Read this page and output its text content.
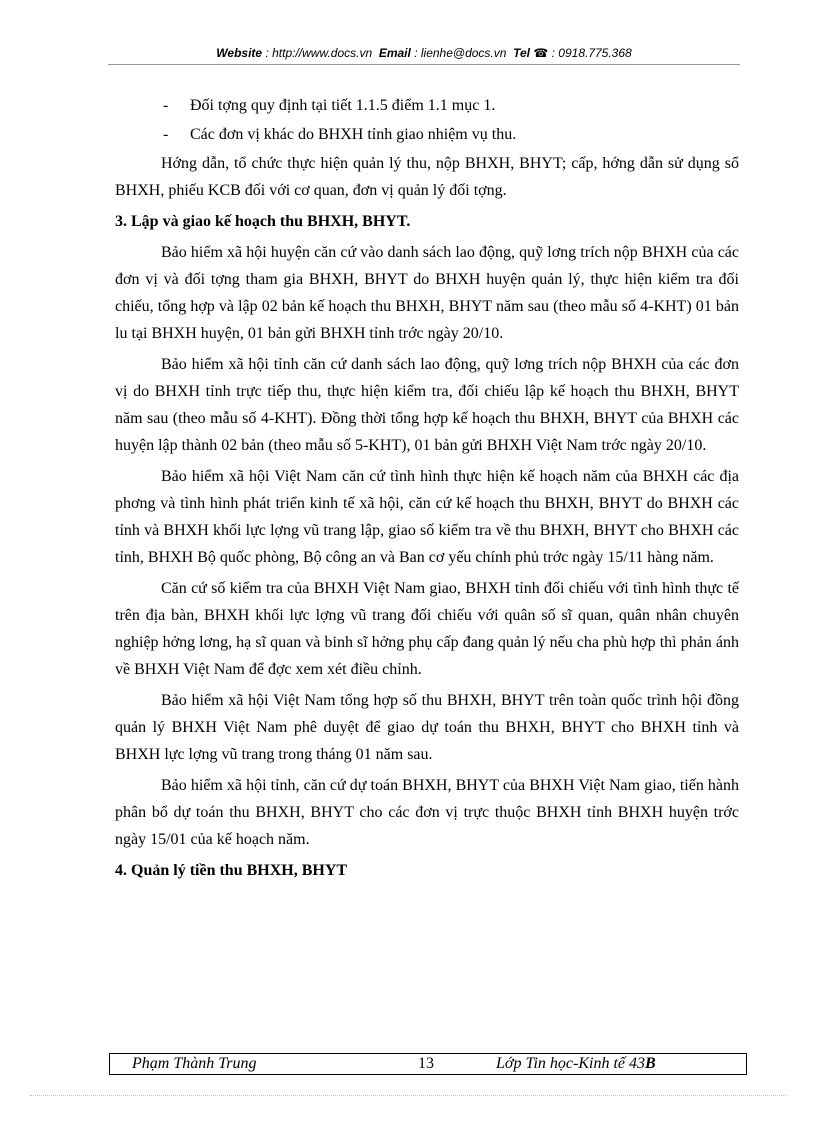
Website : http://www.docs.vn Email : lienhe@docs.vn Tel ☎ : 0918.775.368
-	Đối tợng quy định tại tiết 1.1.5 điểm 1.1 mục 1.
-	Các đơn vị khác do BHXH tỉnh giao nhiệm vụ thu.

Hớng dẫn, tổ chức thực hiện quản lý thu, nộp BHXH, BHYT; cấp, hớng dẫn sử dụng sổ BHXH, phiếu KCB đối với cơ quan, đơn vị quản lý đối tợng.

3. Lập và giao kế hoạch thu BHXH, BHYT.

Bảo hiểm xã hội huyện căn cứ vào danh sách lao động, quỹ lơng trích nộp BHXH của các đơn vị và đối tợng tham gia BHXH, BHYT do BHXH huyện quản lý, thực hiện kiểm tra đối chiếu, tổng hợp và lập 02 bản kế hoạch thu BHXH, BHYT năm sau (theo mẫu số 4-KHT) 01 bản lu tại BHXH huyện, 01 bản gửi BHXH tỉnh trớc ngày 20/10.

Bảo hiểm xã hội tỉnh căn cứ danh sách lao động, quỹ lơng trích nộp BHXH của các đơn vị do BHXH tỉnh trực tiếp thu, thực hiện kiểm tra, đối chiếu lập kế hoạch thu BHXH, BHYT năm sau (theo mẫu số 4-KHT). Đồng thời tổng hợp kế hoạch thu BHXH, BHYT của BHXH các huyện lập thành 02 bản (theo mẫu số 5-KHT), 01 bản gửi BHXH Việt Nam trớc ngày 20/10.

Bảo hiểm xã hội Việt Nam căn cứ tình hình thực hiện kế hoạch năm của BHXH các địa phơng và tình hình phát triển kinh tế xã hội, căn cứ kế hoạch thu BHXH, BHYT do BHXH các tỉnh và BHXH khối lực lợng vũ trang lập, giao số kiểm tra về thu BHXH, BHYT cho BHXH các tỉnh, BHXH Bộ quốc phòng, Bộ công an và Ban cơ yếu chính phủ trớc ngày 15/11 hàng năm.

Căn cứ số kiểm tra của BHXH Việt Nam giao, BHXH tỉnh đối chiếu với tình hình thực tế trên địa bàn, BHXH khối lực lợng vũ trang đối chiếu với quân số sĩ quan, quân nhân chuyên nghiệp hởng lơng, hạ sĩ quan và binh sĩ hởng phụ cấp đang quản lý nếu cha phù hợp thì phản ánh về BHXH Việt Nam để đợc xem xét điều chỉnh.

Bảo hiểm xã hội Việt Nam tổng hợp số thu BHXH, BHYT trên toàn quốc trình hội đồng quản lý BHXH Việt Nam phê duyệt để giao dự toán thu BHXH, BHYT cho BHXH tỉnh và BHXH lực lợng vũ trang trong tháng 01 năm sau.

Bảo hiểm xã hội tỉnh, căn cứ dự toán BHXH, BHYT của BHXH Việt Nam giao, tiến hành phân bổ dự toán thu BHXH, BHYT cho các đơn vị trực thuộc BHXH tỉnh BHXH huyện trớc ngày 15/01 của kế hoạch năm.

4. Quản lý tiền thu BHXH, BHYT
Phạm Thành Trung	13	Lớp Tin học-Kinh tế 43B
